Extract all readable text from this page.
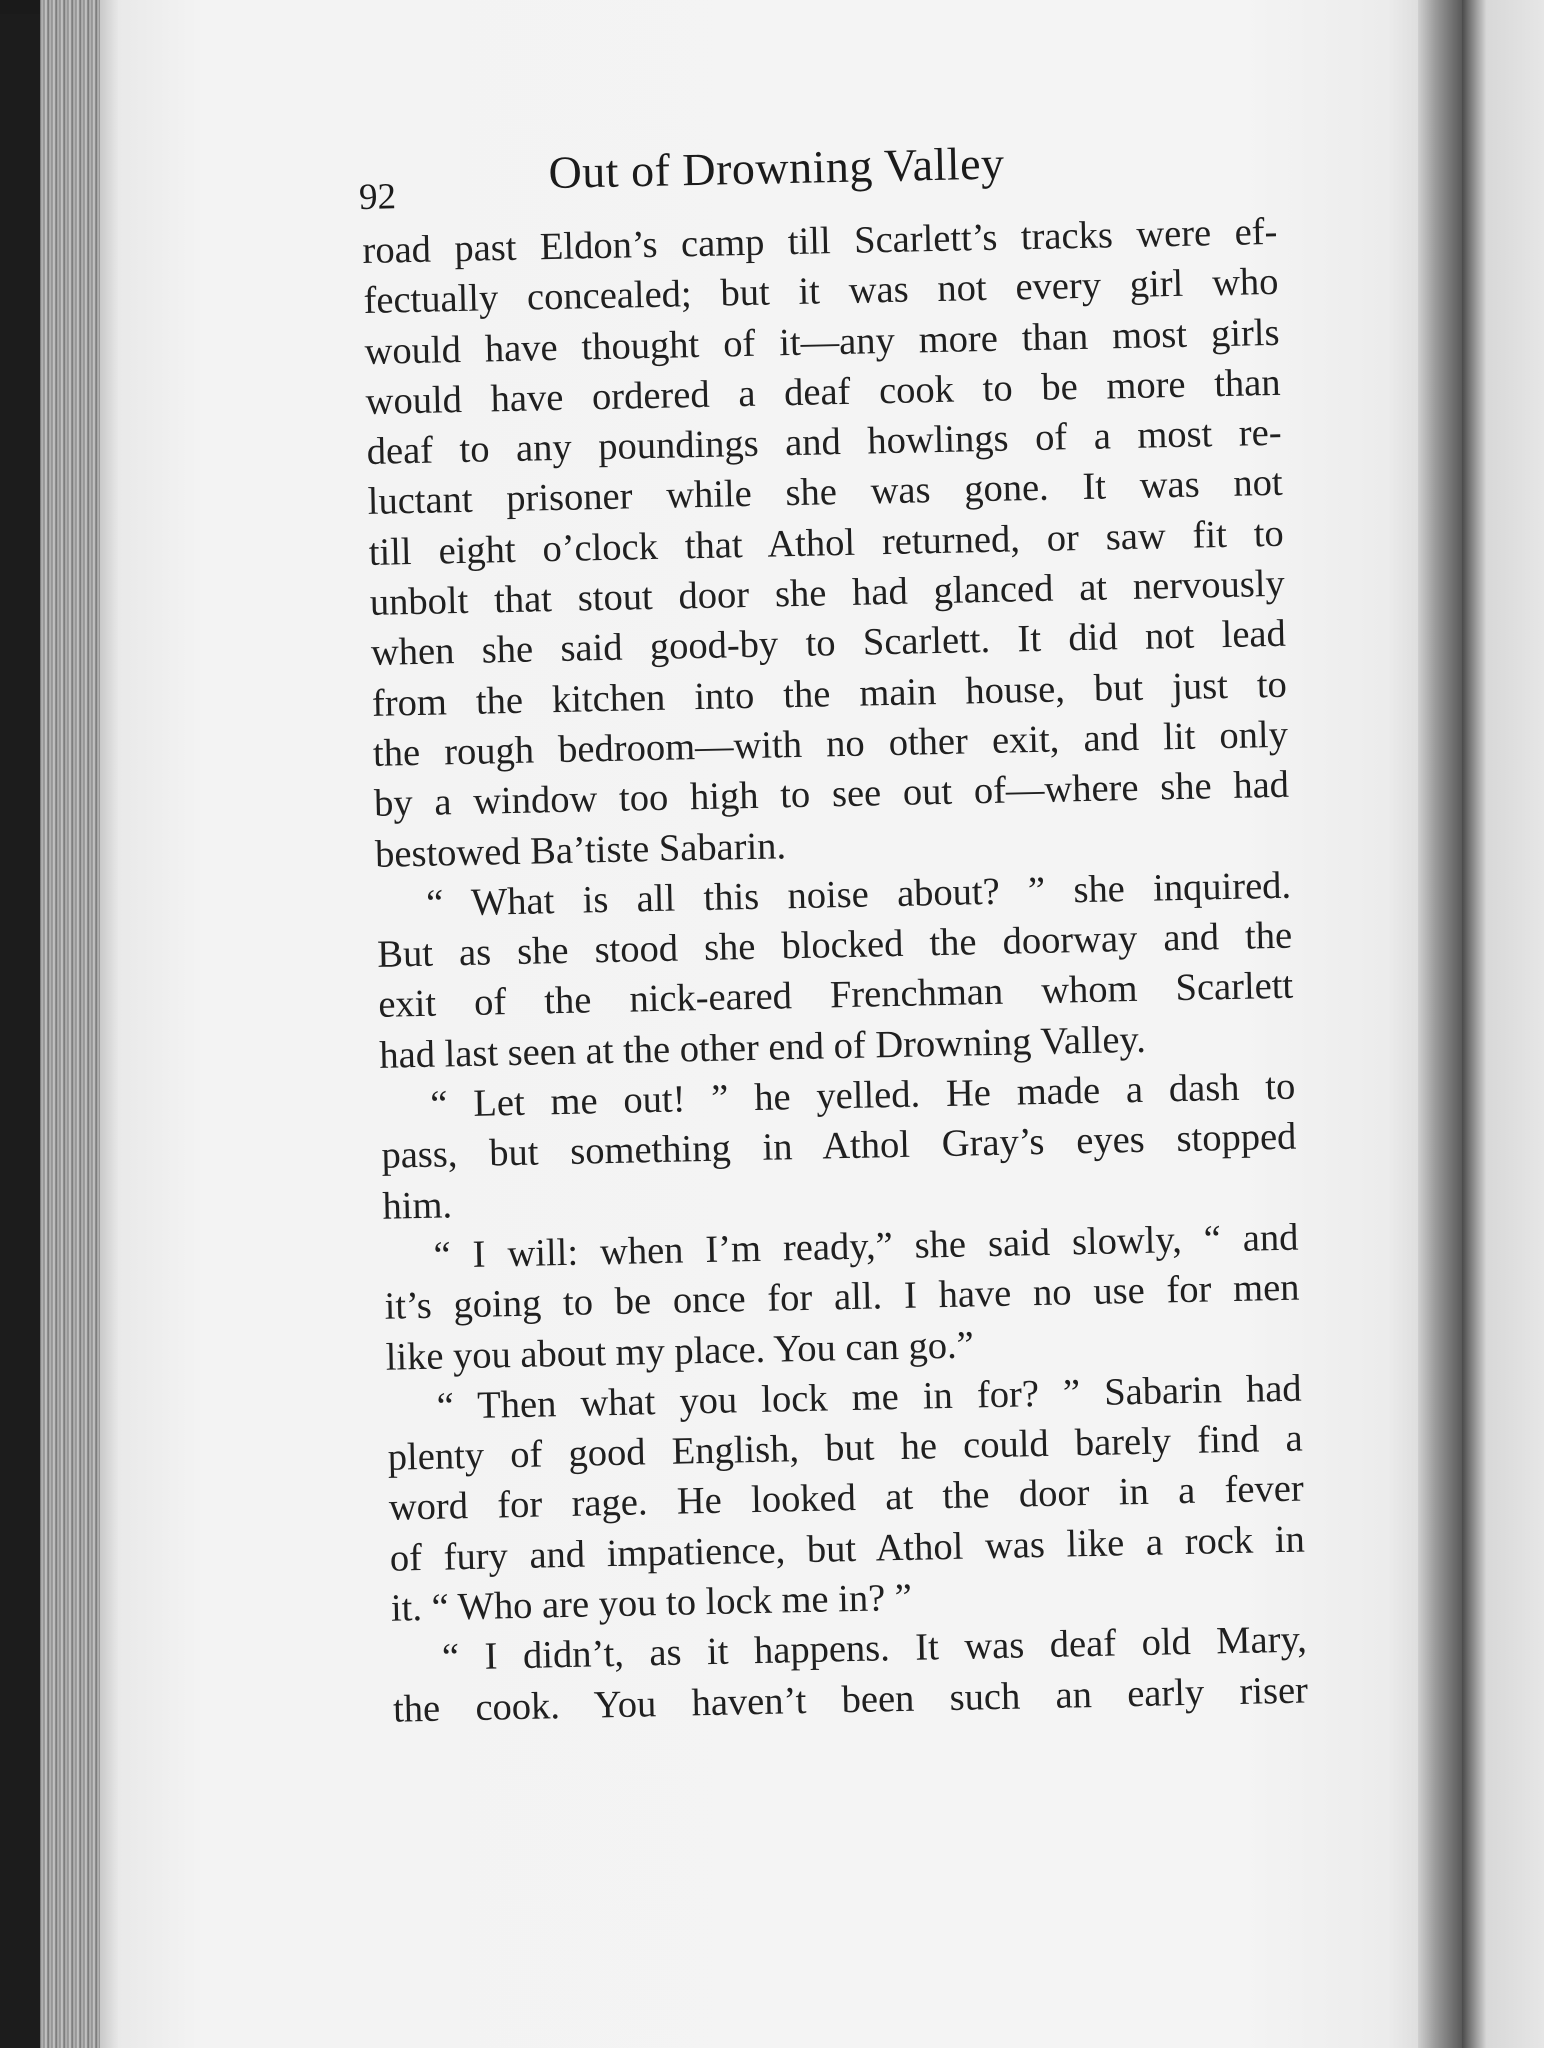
92	Out of Drowning Valley

road past Eldon’s camp till Scarlett’s tracks were ef-

fectually concealed; but it was not every girl who

would have thought of it—any more than most girls

would have ordered a deaf cook to be more than

deaf to any poundings and howlings of a most re-

luctant prisoner while she was gone. It was not

till eight o’clock that Athol returned, or saw fit to

unbolt that stout door she had glanced at nervously

when she said good-by to Scarlett. It did not lead

from the kitchen into the main house, but just to

the rough bedroom—with no other exit, and lit only

by a window too high to see out of—where she had

bestowed Ba’tiste Sabarin.

“ What is all this noise about? ” she inquired.

But as she stood she blocked the doorway and the

exit of the nick-eared Frenchman whom Scarlett

had last seen at the other end of Drowning Valley.

“ Let me out! ” he yelled. He made a dash to

pass, but something in Athol Gray’s eyes stopped

him.

“ I will: when I’m ready,” she said slowly, “ and

it’s going to be once for all. I have no use for men

like you about my place. You can go.”

“ Then what you lock me in for? ” Sabarin had

plenty of good English, but he could barely find a

word for rage. He looked at the door in a fever

of fury and impatience, but Athol was like a rock in

it. “ Who are you to lock me in? ”

“ I didn’t, as it happens. It was deaf old Mary,

the cook. You haven’t been such an early riser
